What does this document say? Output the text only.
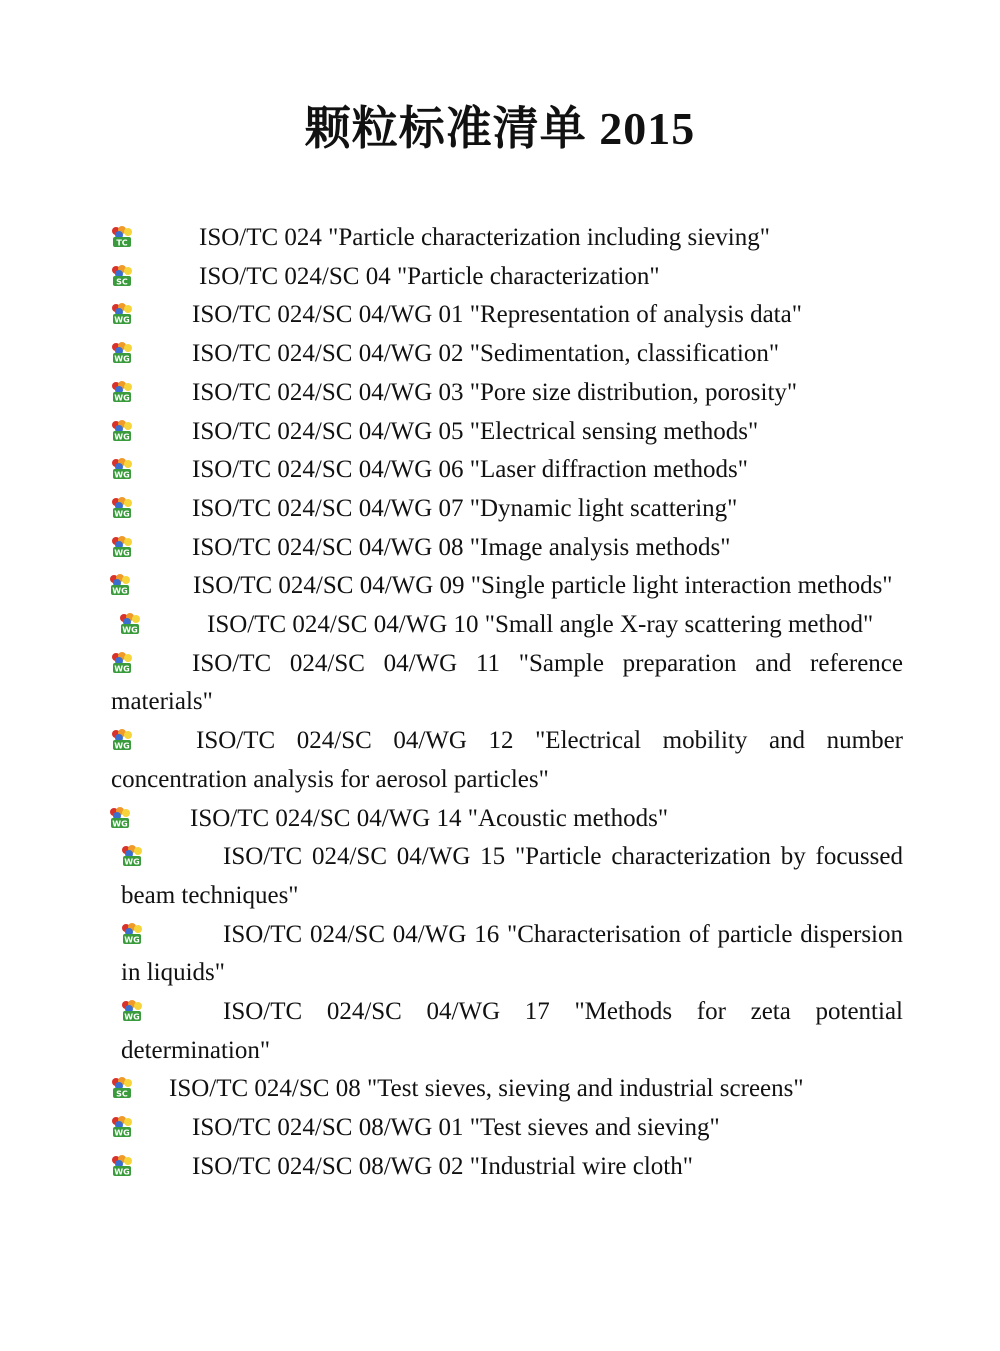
颗粒标准清单 2015
TC	ISO/TC 024 "Particle characterization including sieving"
SC	ISO/TC 024/SC 04 "Particle characterization"
WG ISO/TC 024/SC 04/WG 01 "Representation of analysis data"
WG ISO/TC 024/SC 04/WG 02 "Sedimentation, classification"
WG ISO/TC 024/SC 04/WG 03 "Pore size distribution, porosity"
WG ISO/TC 024/SC 04/WG 05 "Electrical sensing methods"
WG ISO/TC 024/SC 04/WG 06 "Laser diffraction methods"
WG ISO/TC 024/SC 04/WG 07 "Dynamic light scattering"
WG ISO/TC 024/SC 04/WG 08 "Image analysis methods"
WG	ISO/TC 024/SC 04/WG 09 "Single particle light interaction methods"
WG	ISO/TC 024/SC 04/WG 10 "Small angle X-ray scattering method"
WG ISO/TC 024/SC 04/WG 11 "Sample preparation and reference materials"
WG	ISO/TC 024/SC 04/WG 12 "Electrical mobility and number concentration analysis for aerosol particles"
WG ISO/TC 024/SC 04/WG 14 "Acoustic methods"
WG	ISO/TC 024/SC 04/WG 15 "Particle characterization by focussed beam techniques"
WG	ISO/TC 024/SC 04/WG 16 "Characterisation of particle dispersion in liquids"
WG	ISO/TC 024/SC 04/WG 17 "Methods for zeta potential determination"
SC ISO/TC 024/SC 08 "Test sieves, sieving and industrial screens"
WG ISO/TC 024/SC 08/WG 01 "Test sieves and sieving"
WG ISO/TC 024/SC 08/WG 02 "Industrial wire cloth"
